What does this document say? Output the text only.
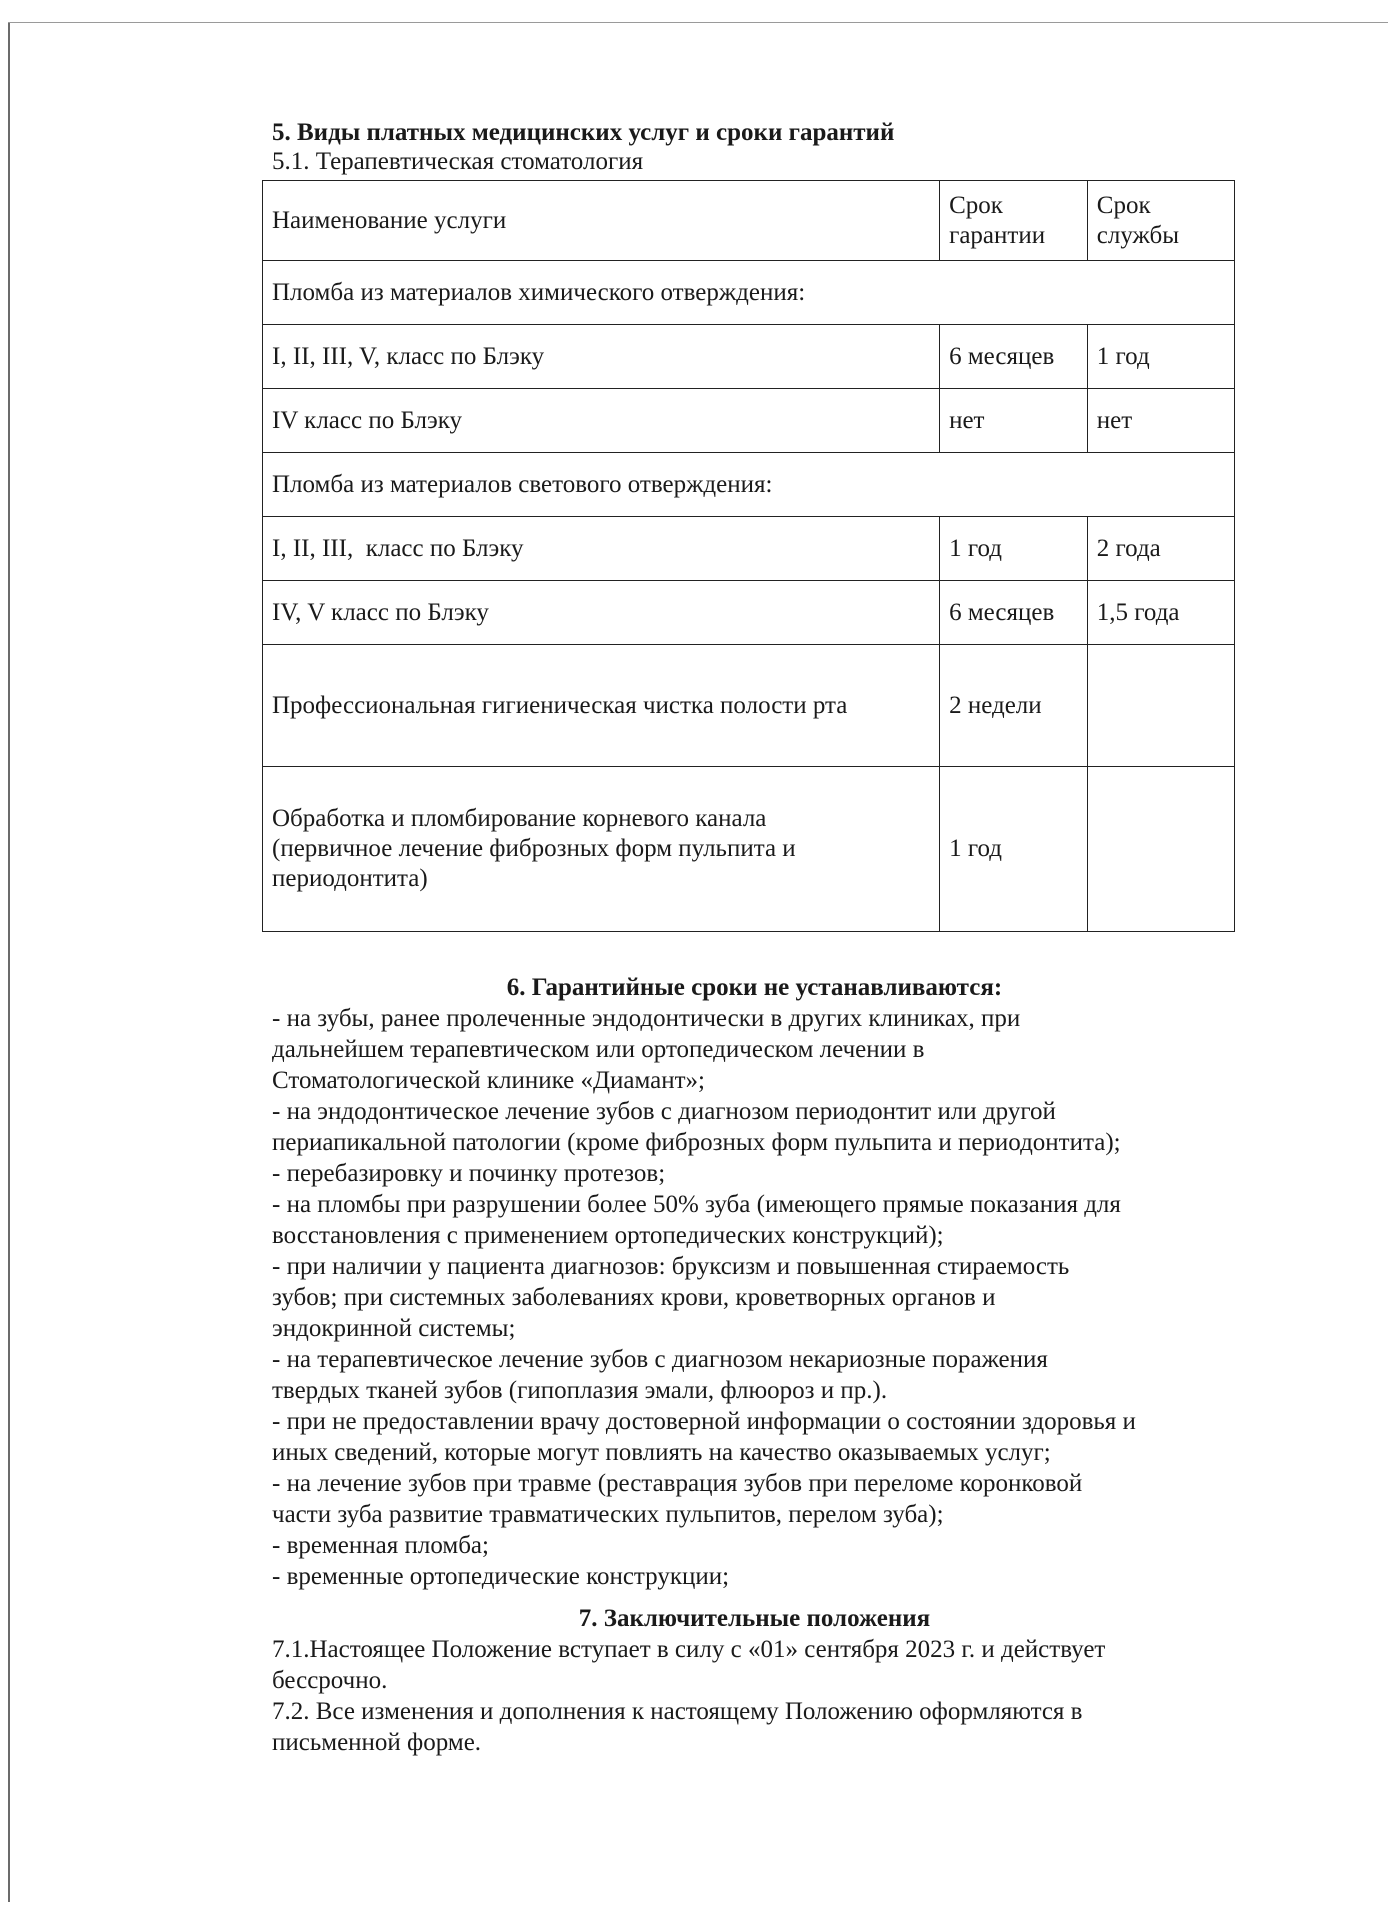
5. Виды платных медицинских услуг и сроки гарантий
5.1. Терапевтическая стоматология
Наименование услуги	Срок гарантии	Срок службы
Пломба из материалов химического отверждения:		
I, II, III, V, класс по Блэку	6 месяцев	1 год
IV класс по Блэку	нет	нет
Пломба из материалов светового отверждения:		
I, II, III,  класс по Блэку	1 год	2 года
IV, V класс по Блэку	6 месяцев	1,5 года
Профессиональная гигиеническая чистка полости рта	2 недели	
Обработка и пломбирование корневого канала (первичное лечение фиброзных форм пульпита и периодонтита)	1 год	
6. Гарантийные сроки не устанавливаются:
- на зубы, ранее пролеченные эндодонтически в других клиниках, при
дальнейшем терапевтическом или ортопедическом лечении в
Стоматологической клинике «Диамант»;
- на эндодонтическое лечение зубов с диагнозом периодонтит или другой
периапикальной патологии (кроме фиброзных форм пульпита и периодонтита);
- перебазировку и починку протезов;
- на пломбы при разрушении более 50% зуба (имеющего прямые показания для
восстановления с применением ортопедических конструкций);
- при наличии у пациента диагнозов: бруксизм и повышенная стираемость
зубов; при системных заболеваниях крови, кроветворных органов и
эндокринной системы;
- на терапевтическое лечение зубов с диагнозом некариозные поражения
твердых тканей зубов (гипоплазия эмали, флюороз и пр.).
- при не предоставлении врачу достоверной информации о состоянии здоровья и
иных сведений, которые могут повлиять на качество оказываемых услуг;
- на лечение зубов при травме (реставрация зубов при переломе коронковой
части зуба развитие травматических пульпитов, перелом зуба);
- временная пломба;
- временные ортопедические конструкции;
7. Заключительные положения
7.1.Настоящее Положение вступает в силу с «01» сентября 2023 г. и действует
бессрочно.
7.2. Все изменения и дополнения к настоящему Положению оформляются в
письменной форме.
